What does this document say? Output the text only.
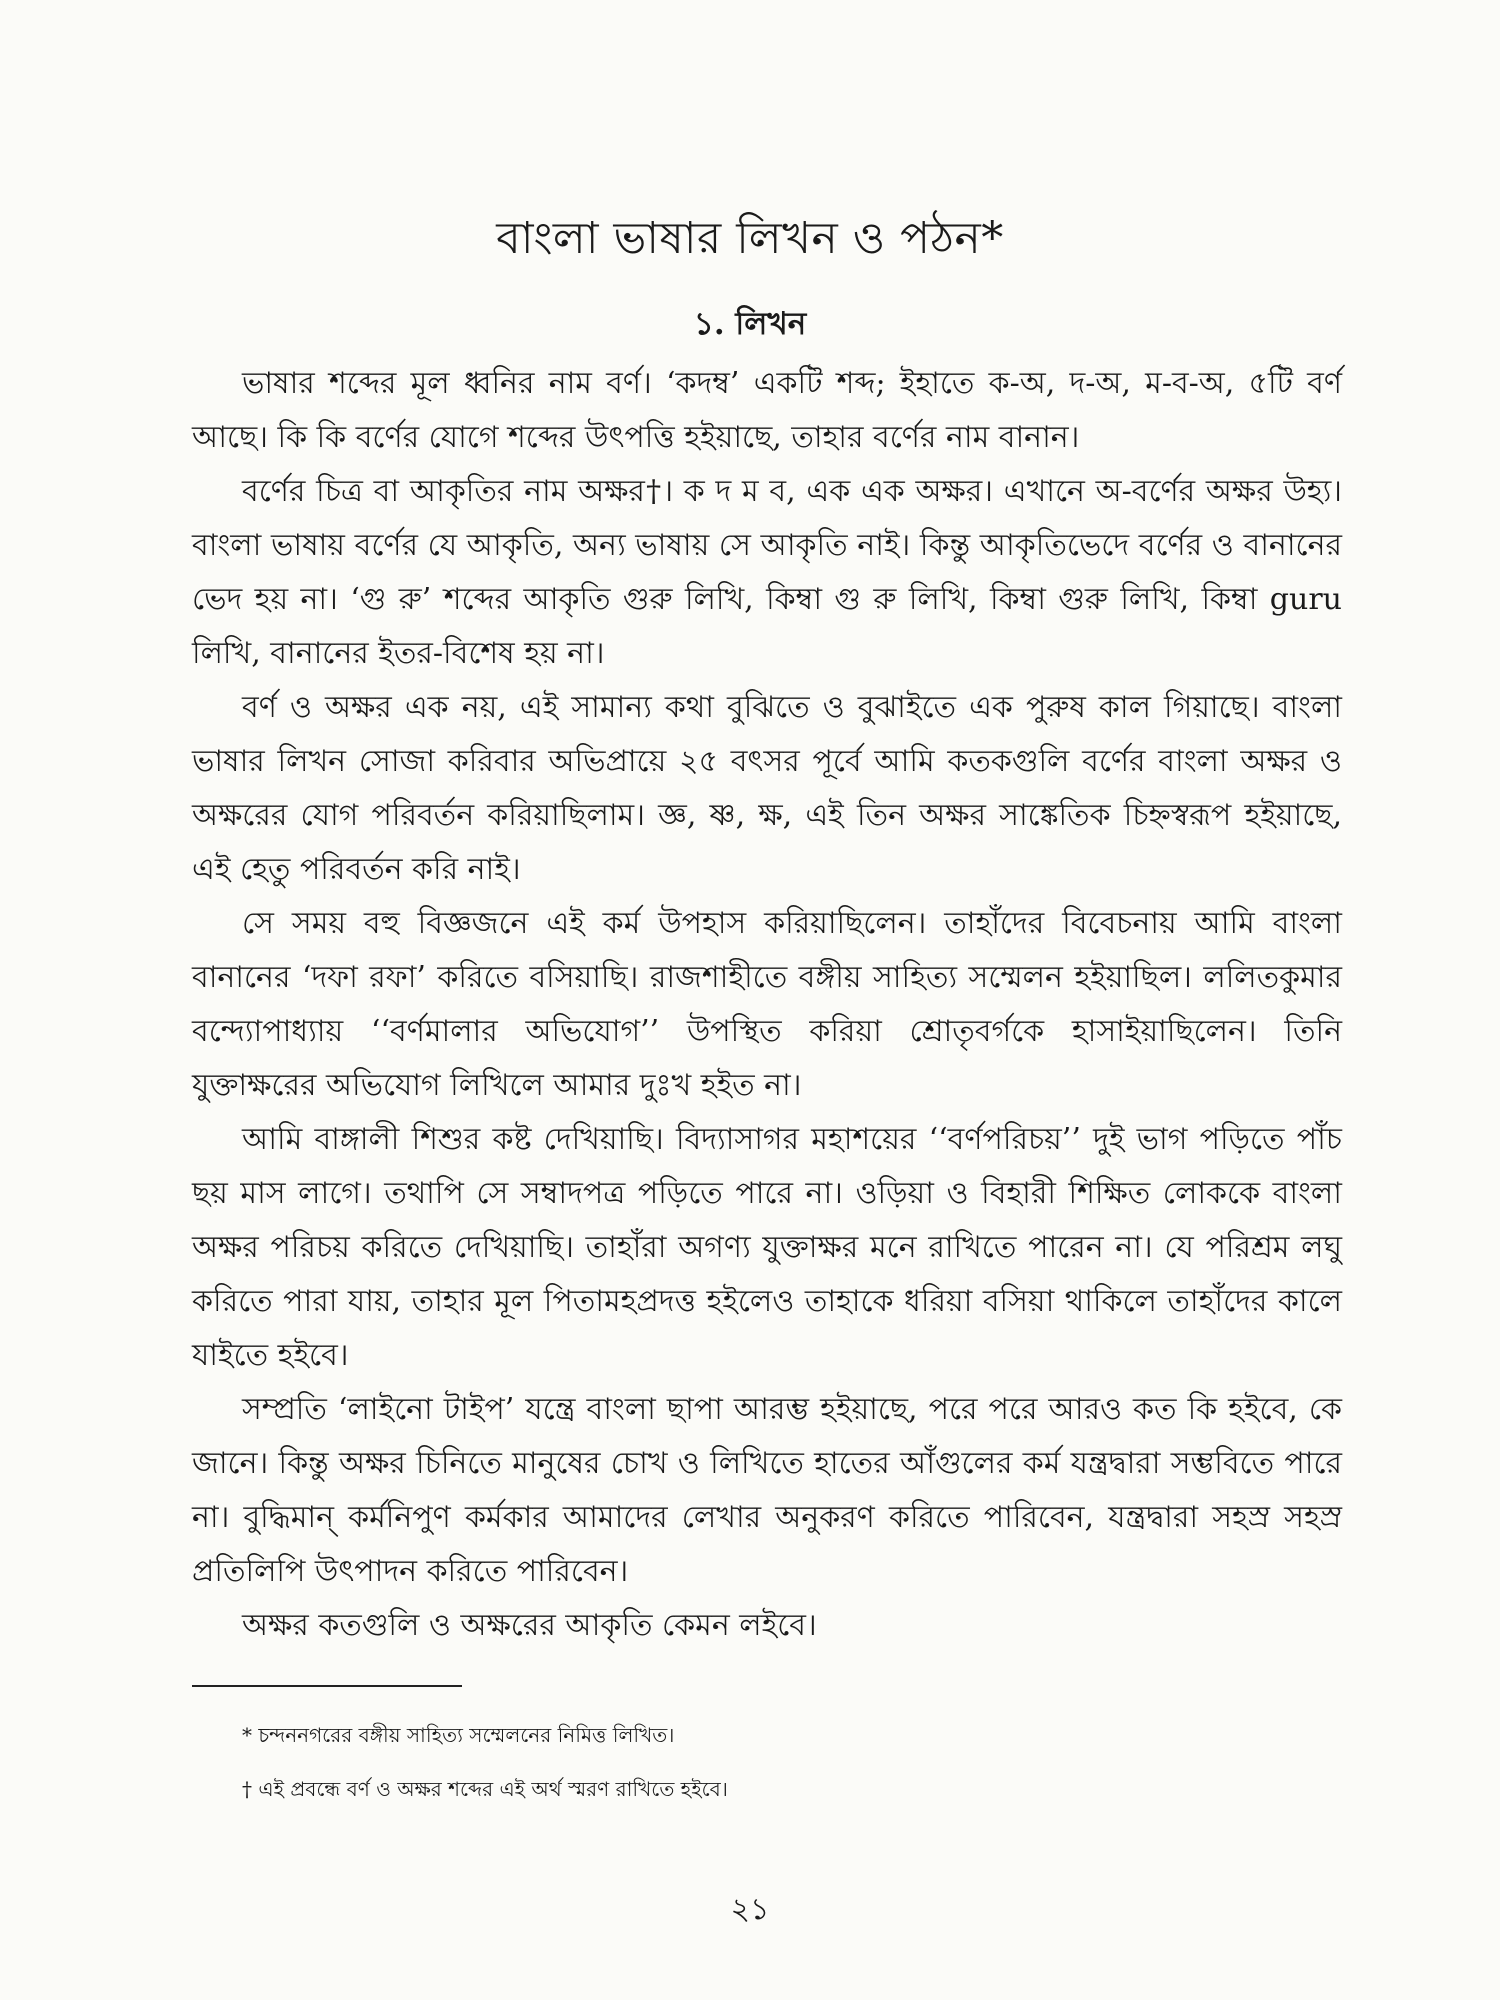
বাংলা ভাষার লিখন ও পঠন*
১. লিখন

ভাষার শব্দের মূল ধ্বনির নাম বর্ণ। ‘কদম্ব’ একটি শব্দ; ইহাতে ক-অ, দ-অ, ম-ব-অ, ৫টি বর্ণ আছে। কি কি বর্ণের যোগে শব্দের উৎপত্তি হইয়াছে, তাহার বর্ণের নাম বানান।

বর্ণের চিত্র বা আকৃতির নাম অক্ষর†। ক দ ম ব, এক এক অক্ষর। এখানে অ-বর্ণের অক্ষর উহ্য। বাংলা ভাষায় বর্ণের যে আকৃতি, অন্য ভাষায় সে আকৃতি নাই। কিন্তু আকৃতিভেদে বর্ণের ও বানানের ভেদ হয় না। ‘গু রু’ শব্দের আকৃতি গুরু লিখি, কিম্বা গু রু লিখি, কিম্বা গুরু লিখি, কিম্বা guru লিখি, বানানের ইতর-বিশেষ হয় না।

বর্ণ ও অক্ষর এক নয়, এই সামান্য কথা বুঝিতে ও বুঝাইতে এক পুরুষ কাল গিয়াছে। বাংলা ভাষার লিখন সোজা করিবার অভিপ্রায়ে ২৫ বৎসর পূর্বে আমি কতকগুলি বর্ণের বাংলা অক্ষর ও অক্ষরের যোগ পরিবর্তন করিয়াছিলাম। জ্ঞ, ষ্ণ, ক্ষ, এই তিন অক্ষর সাঙ্কেতিক চিহ্নস্বরূপ হইয়াছে, এই হেতু পরিবর্তন করি নাই।

সে সময় বহু বিজ্ঞজনে এই কর্ম উপহাস করিয়াছিলেন। তাহাঁদের বিবেচনায় আমি বাংলা বানানের ‘দফা রফা’ করিতে বসিয়াছি। রাজশাহীতে বঙ্গীয় সাহিত্য সম্মেলন হইয়াছিল। ললিতকুমার বন্দ্যোপাধ্যায় ‘‘বর্ণমালার অভিযোগ’’ উপস্থিত করিয়া শ্রোতৃবর্গকে হাসাইয়াছিলেন। তিনি যুক্তাক্ষরের অভিযোগ লিখিলে আমার দুঃখ হইত না।

আমি বাঙ্গালী শিশুর কষ্ট দেখিয়াছি। বিদ্যাসাগর মহাশয়ের ‘‘বর্ণপরিচয়’’ দুই ভাগ পড়িতে পাঁচ ছয় মাস লাগে। তথাপি সে সম্বাদপত্র পড়িতে পারে না। ওড়িয়া ও বিহারী শিক্ষিত লোককে বাংলা অক্ষর পরিচয় করিতে দেখিয়াছি। তাহাঁরা অগণ্য যুক্তাক্ষর মনে রাখিতে পারেন না। যে পরিশ্রম লঘু করিতে পারা যায়, তাহার মূল পিতামহপ্রদত্ত হইলেও তাহাকে ধরিয়া বসিয়া থাকিলে তাহাঁদের কালে যাইতে হইবে।

সম্প্রতি ‘লাইনো টাইপ’ যন্ত্রে বাংলা ছাপা আরম্ভ হইয়াছে, পরে পরে আরও কত কি হইবে, কে জানে। কিন্তু অক্ষর চিনিতে মানুষের চোখ ও লিখিতে হাতের আঁগুলের কর্ম যন্ত্রদ্বারা সম্ভবিতে পারে না। বুদ্ধিমান্ কর্মনিপুণ কর্মকার আমাদের লেখার অনুকরণ করিতে পারিবেন, যন্ত্রদ্বারা সহস্র সহস্র প্রতিলিপি উৎপাদন করিতে পারিবেন।

অক্ষর কতগুলি ও অক্ষরের আকৃতি কেমন লইবে।

* চন্দননগরের বঙ্গীয় সাহিত্য সম্মেলনের নিমিত্ত লিখিত।
† এই প্রবন্ধে বর্ণ ও অক্ষর শব্দের এই অর্থ স্মরণ রাখিতে হইবে।
২১
